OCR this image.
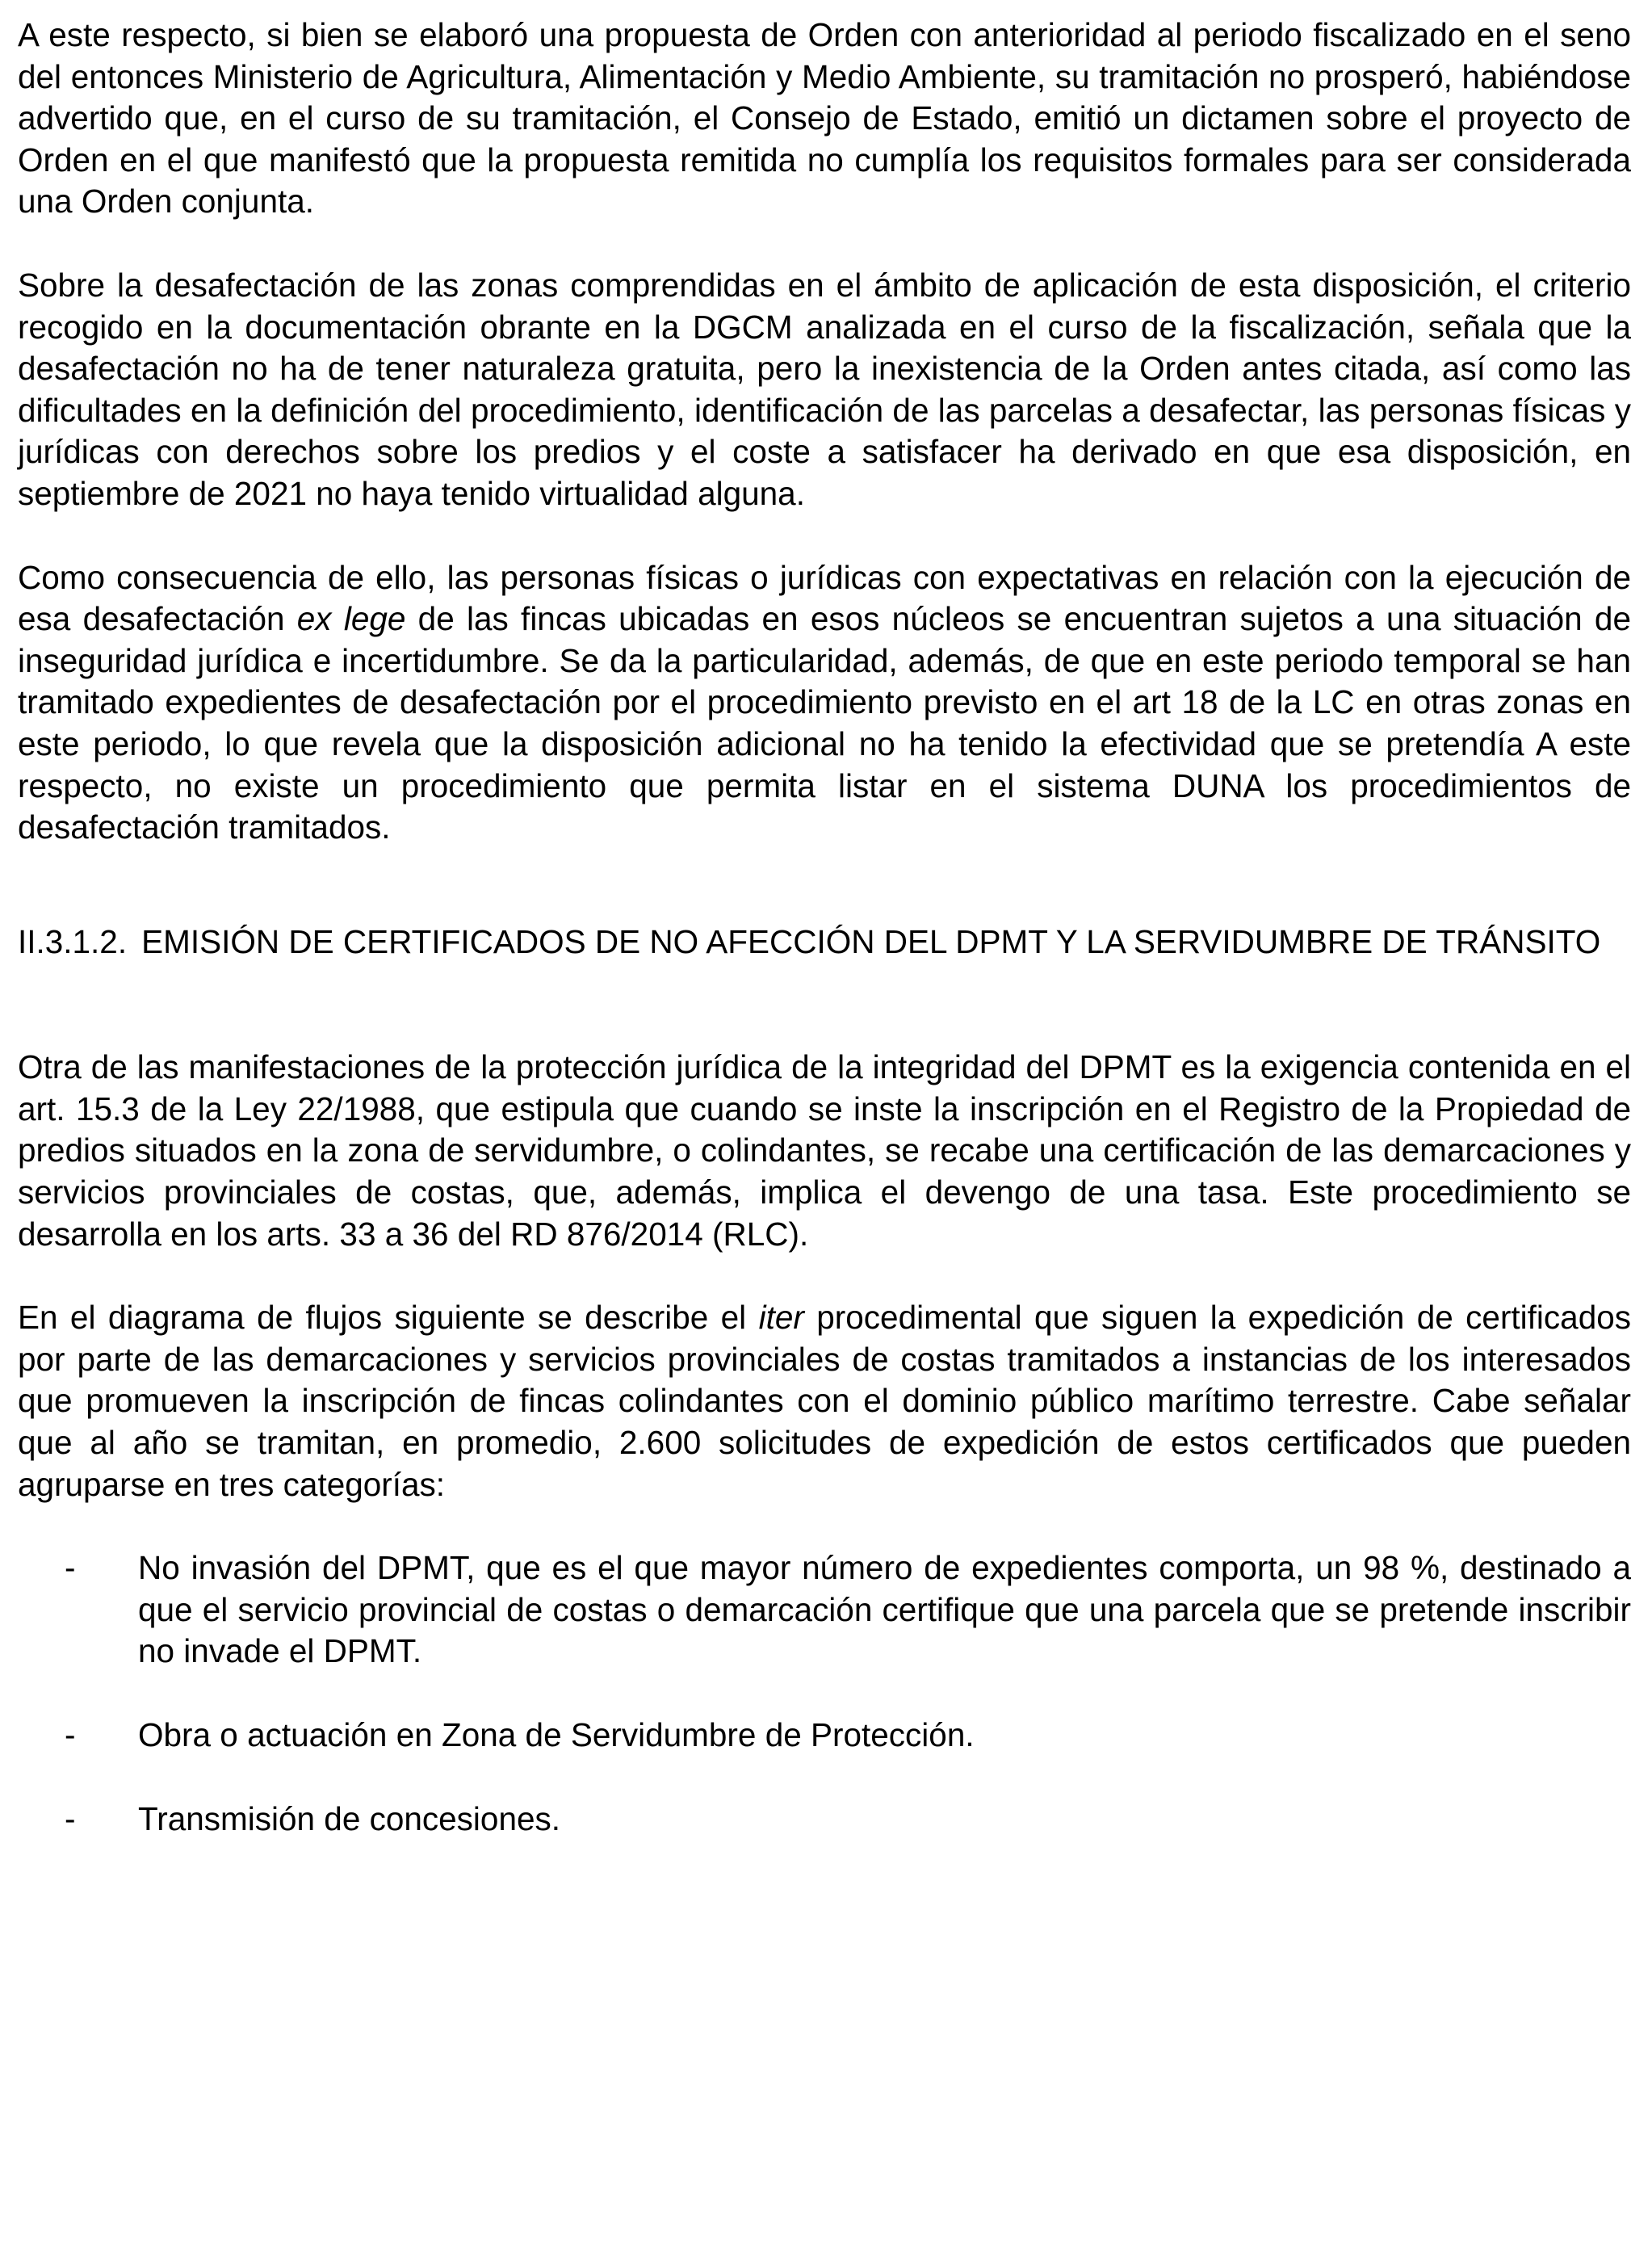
A este respecto, si bien se elaboró una propuesta de Orden con anterioridad al periodo fiscalizado en el seno del entonces Ministerio de Agricultura, Alimentación y Medio Ambiente, su tramitación no prosperó, habiéndose advertido que, en el curso de su tramitación, el Consejo de Estado, emitió un dictamen sobre el proyecto de Orden en el que manifestó que la propuesta remitida no cumplía los requisitos formales para ser considerada una Orden conjunta.

Sobre la desafectación de las zonas comprendidas en el ámbito de aplicación de esta disposición, el criterio recogido en la documentación obrante en la DGCM analizada en el curso de la fiscalización, señala que la desafectación no ha de tener naturaleza gratuita, pero la inexistencia de la Orden antes citada, así como las dificultades en la definición del procedimiento, identificación de las parcelas a desafectar, las personas físicas y jurídicas con derechos sobre los predios y el coste a satisfacer ha derivado en que esa disposición, en septiembre de 2021 no haya tenido virtualidad alguna.

Como consecuencia de ello, las personas físicas o jurídicas con expectativas en relación con la ejecución de esa desafectación ex lege de las fincas ubicadas en esos núcleos se encuentran sujetos a una situación de inseguridad jurídica e incertidumbre. Se da la particularidad, además, de que en este periodo temporal se han tramitado expedientes de desafectación por el procedimiento previsto en el art 18 de la LC en otras zonas en este periodo, lo que revela que la disposición adicional no ha tenido la efectividad que se pretendía A este respecto, no existe un procedimiento que permita listar en el sistema DUNA los procedimientos de desafectación tramitados.

II.3.1.2. EMISIÓN DE CERTIFICADOS DE NO AFECCIÓN DEL DPMT Y LA SERVIDUMBRE DE TRÁNSITO

Otra de las manifestaciones de la protección jurídica de la integridad del DPMT es la exigencia contenida en el art. 15.3 de la Ley 22/1988, que estipula que cuando se inste la inscripción en el Registro de la Propiedad de predios situados en la zona de servidumbre, o colindantes, se recabe una certificación de las demarcaciones y servicios provinciales de costas, que, además, implica el devengo de una tasa. Este procedimiento se desarrolla en los arts. 33 a 36 del RD 876/2014 (RLC).

En el diagrama de flujos siguiente se describe el iter procedimental que siguen la expedición de certificados por parte de las demarcaciones y servicios provinciales de costas tramitados a instancias de los interesados que promueven la inscripción de fincas colindantes con el dominio público marítimo terrestre. Cabe señalar que al año se tramitan, en promedio, 2.600 solicitudes de expedición de estos certificados que pueden agruparse en tres categorías:

- No invasión del DPMT, que es el que mayor número de expedientes comporta, un 98 %, destinado a que el servicio provincial de costas o demarcación certifique que una parcela que se pretende inscribir no invade el DPMT.
- Obra o actuación en Zona de Servidumbre de Protección.
- Transmisión de concesiones.
